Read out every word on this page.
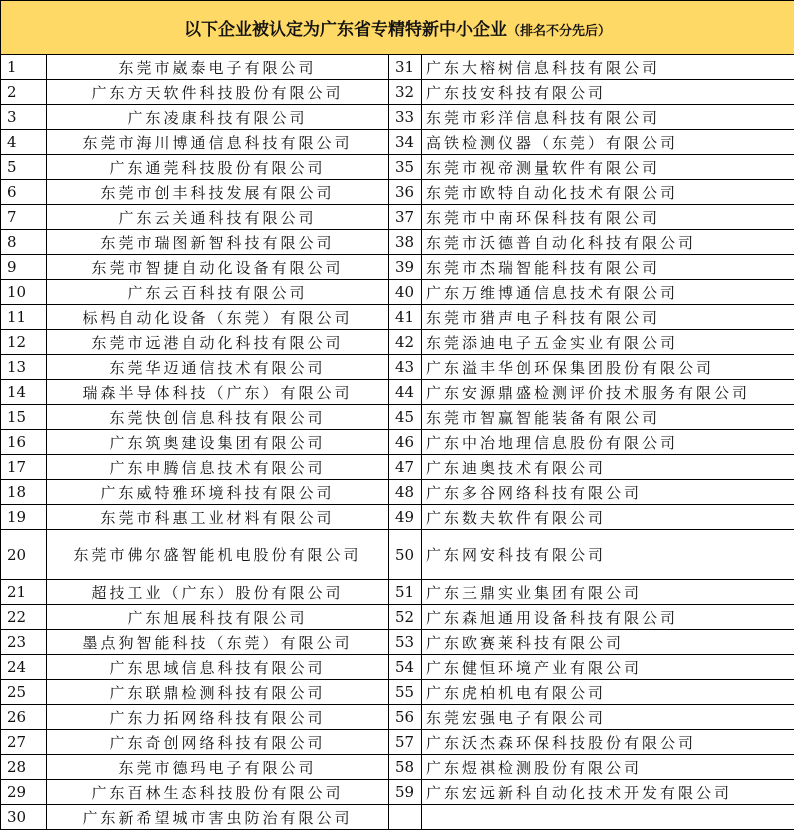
以下企业被认定为广东省专精特新中小企业（排名不分先后）			
1	东莞市崴泰电子有限公司	31	广东大榕树信息科技有限公司
2	广东方天软件科技股份有限公司	32	广东技安科技有限公司
3	广东凌康科技有限公司	33	东莞市彩洋信息科技有限公司
4	东莞市海川博通信息科技有限公司	34	高铁检测仪器（东莞）有限公司
5	广东通莞科技股份有限公司	35	东莞市视帝测量软件有限公司
6	东莞市创丰科技发展有限公司	36	东莞市欧特自动化技术有限公司
7	广东云关通科技有限公司	37	东莞市中南环保科技有限公司
8	东莞市瑞图新智科技有限公司	38	东莞市沃德普自动化科技有限公司
9	东莞市智捷自动化设备有限公司	39	东莞市杰瑞智能科技有限公司
10	广东云百科技有限公司	40	广东万维博通信息技术有限公司
11	标杩自动化设备（东莞）有限公司	41	东莞市猎声电子科技有限公司
12	东莞市远港自动化科技有限公司	42	东莞添迪电子五金实业有限公司
13	东莞华迈通信技术有限公司	43	广东溢丰华创环保集团股份有限公司
14	瑞森半导体科技（广东）有限公司	44	广东安源鼎盛检测评价技术服务有限公司
15	东莞快创信息科技有限公司	45	东莞市智赢智能装备有限公司
16	广东筑奥建设集团有限公司	46	广东中冶地理信息股份有限公司
17	广东申腾信息技术有限公司	47	广东迪奥技术有限公司
18	广东威特雅环境科技有限公司	48	广东多谷网络科技有限公司
19	东莞市科惠工业材料有限公司	49	广东数夫软件有限公司
20	东莞市佛尔盛智能机电股份有限公司	50	广东网安科技有限公司
21	超技工业（广东）股份有限公司	51	广东三鼎实业集团有限公司
22	广东旭展科技有限公司	52	广东森旭通用设备科技有限公司
23	墨点狗智能科技（东莞）有限公司	53	广东欧赛莱科技有限公司
24	广东思域信息科技有限公司	54	广东健恒环境产业有限公司
25	广东联鼎检测科技有限公司	55	广东虎柏机电有限公司
26	广东力拓网络科技有限公司	56	东莞宏强电子有限公司
27	广东奇创网络科技有限公司	57	广东沃杰森环保科技股份有限公司
28	东莞市德玛电子有限公司	58	广东煜祺检测股份有限公司
29	广东百林生态科技股份有限公司	59	广东宏远新科自动化技术开发有限公司
30	广东新希望城市害虫防治有限公司		
